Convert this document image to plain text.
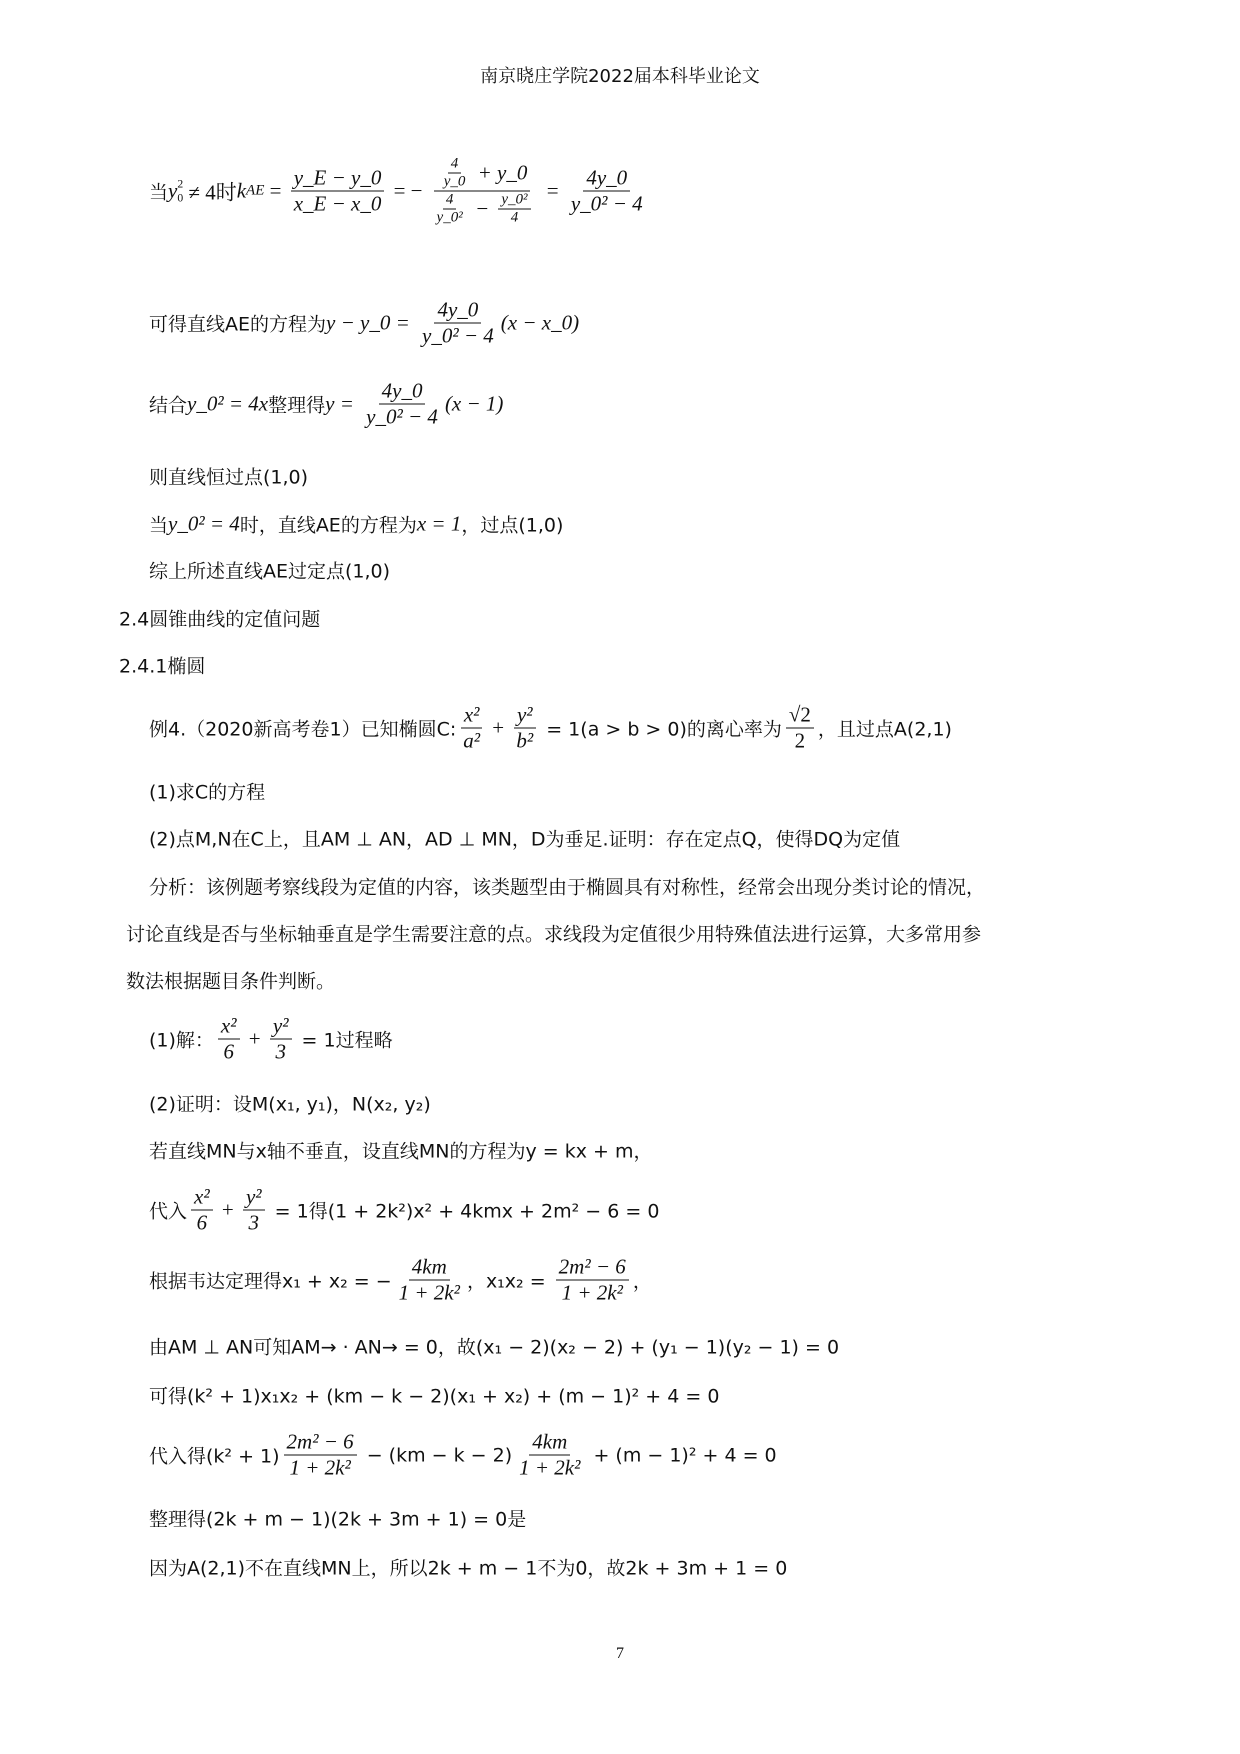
南京晓庄学院2022届本科毕业论文
当 y 2
0 ≠ 4时 k AE = $\frac{y\_E - y\_0}{x\_E - x\_0}$ = − $\frac{\frac{4}{y\_0} + y\_0}{\frac{4}{\text{y\_0²}} - \frac{\text{y\_0²}}{4}} = \frac{4y\_0}{\text{y\_0² − 4}}$
可得直线AE的方程为 y − y_0 = $\frac{4y\_0}{\text{y\_0² − 4}} (x$ − x_0)
结合 y_0² = 4x 整理得 $y = \frac{4y\_0}{\text{y\_0² − 4}} (x - 1)$
则直线恒过点(1,0)
当 y_0² = 4 时，直线AE的方程为 x = 1 ，过点(1,0)
综上所述直线AE过定点(1,0)
2.4圆锥曲线的定值问题
2.4.1椭圆
例4.（2020新高考卷1）已知椭圆C: $\frac{\text{x²}}{\text{a²}} + \frac{\text{y²}}{\text{b²}} = 1(a > b > 0)$的离心率为 $\frac{√2}{2}$ ，且过点A(2,1)
(1)求C的方程
(2)点M,N在C上，且AM ⊥ AN，AD ⊥ MN，D为垂足.证明：存在定点Q，使得DQ为定值
分析：该例题考察线段为定值的内容，该类题型由于椭圆具有对称性，经常会出现分类讨论的情况，
讨论直线是否与坐标轴垂直是学生需要注意的点。求线段为定值很少用特殊值法进行运算，大多常用参
数法根据题目条件判断。
(1)解： $\frac{\text{x²}}{6} + \frac{\text{y²}}{3} = 1$过程略
(2)证明：设M(x₁, y₁)，N(x₂, y₂)
若直线MN与x轴不垂直，设直线MN的方程为y = kx + m，
代入 $\frac{\text{x²}}{6} + \frac{\text{y²}}{3} = 1$得(1 + 2k²)x² + 4kmx + 2m² − 6 = 0
根据韦达定理得x₁ + x₂ = − $\frac{4km}{\text{1 + 2k²}}$ ，$x_1x_2 = \frac{\text{2m² − 6}}{\text{1 + 2k²}}$ ，
由AM ⊥ AN可知AM→ · AN→ = 0，故(x₁ − 2)(x₂ − 2) + (y₁ − 1)(y₂ − 1) = 0
可得(k² + 1)x₁x₂ + (km − k − 2)(x₁ + x₂) + (m − 1)² + 4 = 0
代入得$(k^2 + 1) \frac{\text{2m² − 6}}{\text{1 + 2k²}} - (km - k - 2) \frac{4km}{\text{1 + 2k²}} + (m - 1)^2 + 4 = 0$
整理得(2k + m − 1)(2k + 3m + 1) = 0是
因为A(2,1)不在直线MN上，所以2k + m − 1不为0，故2k + 3m + 1 = 0
7
